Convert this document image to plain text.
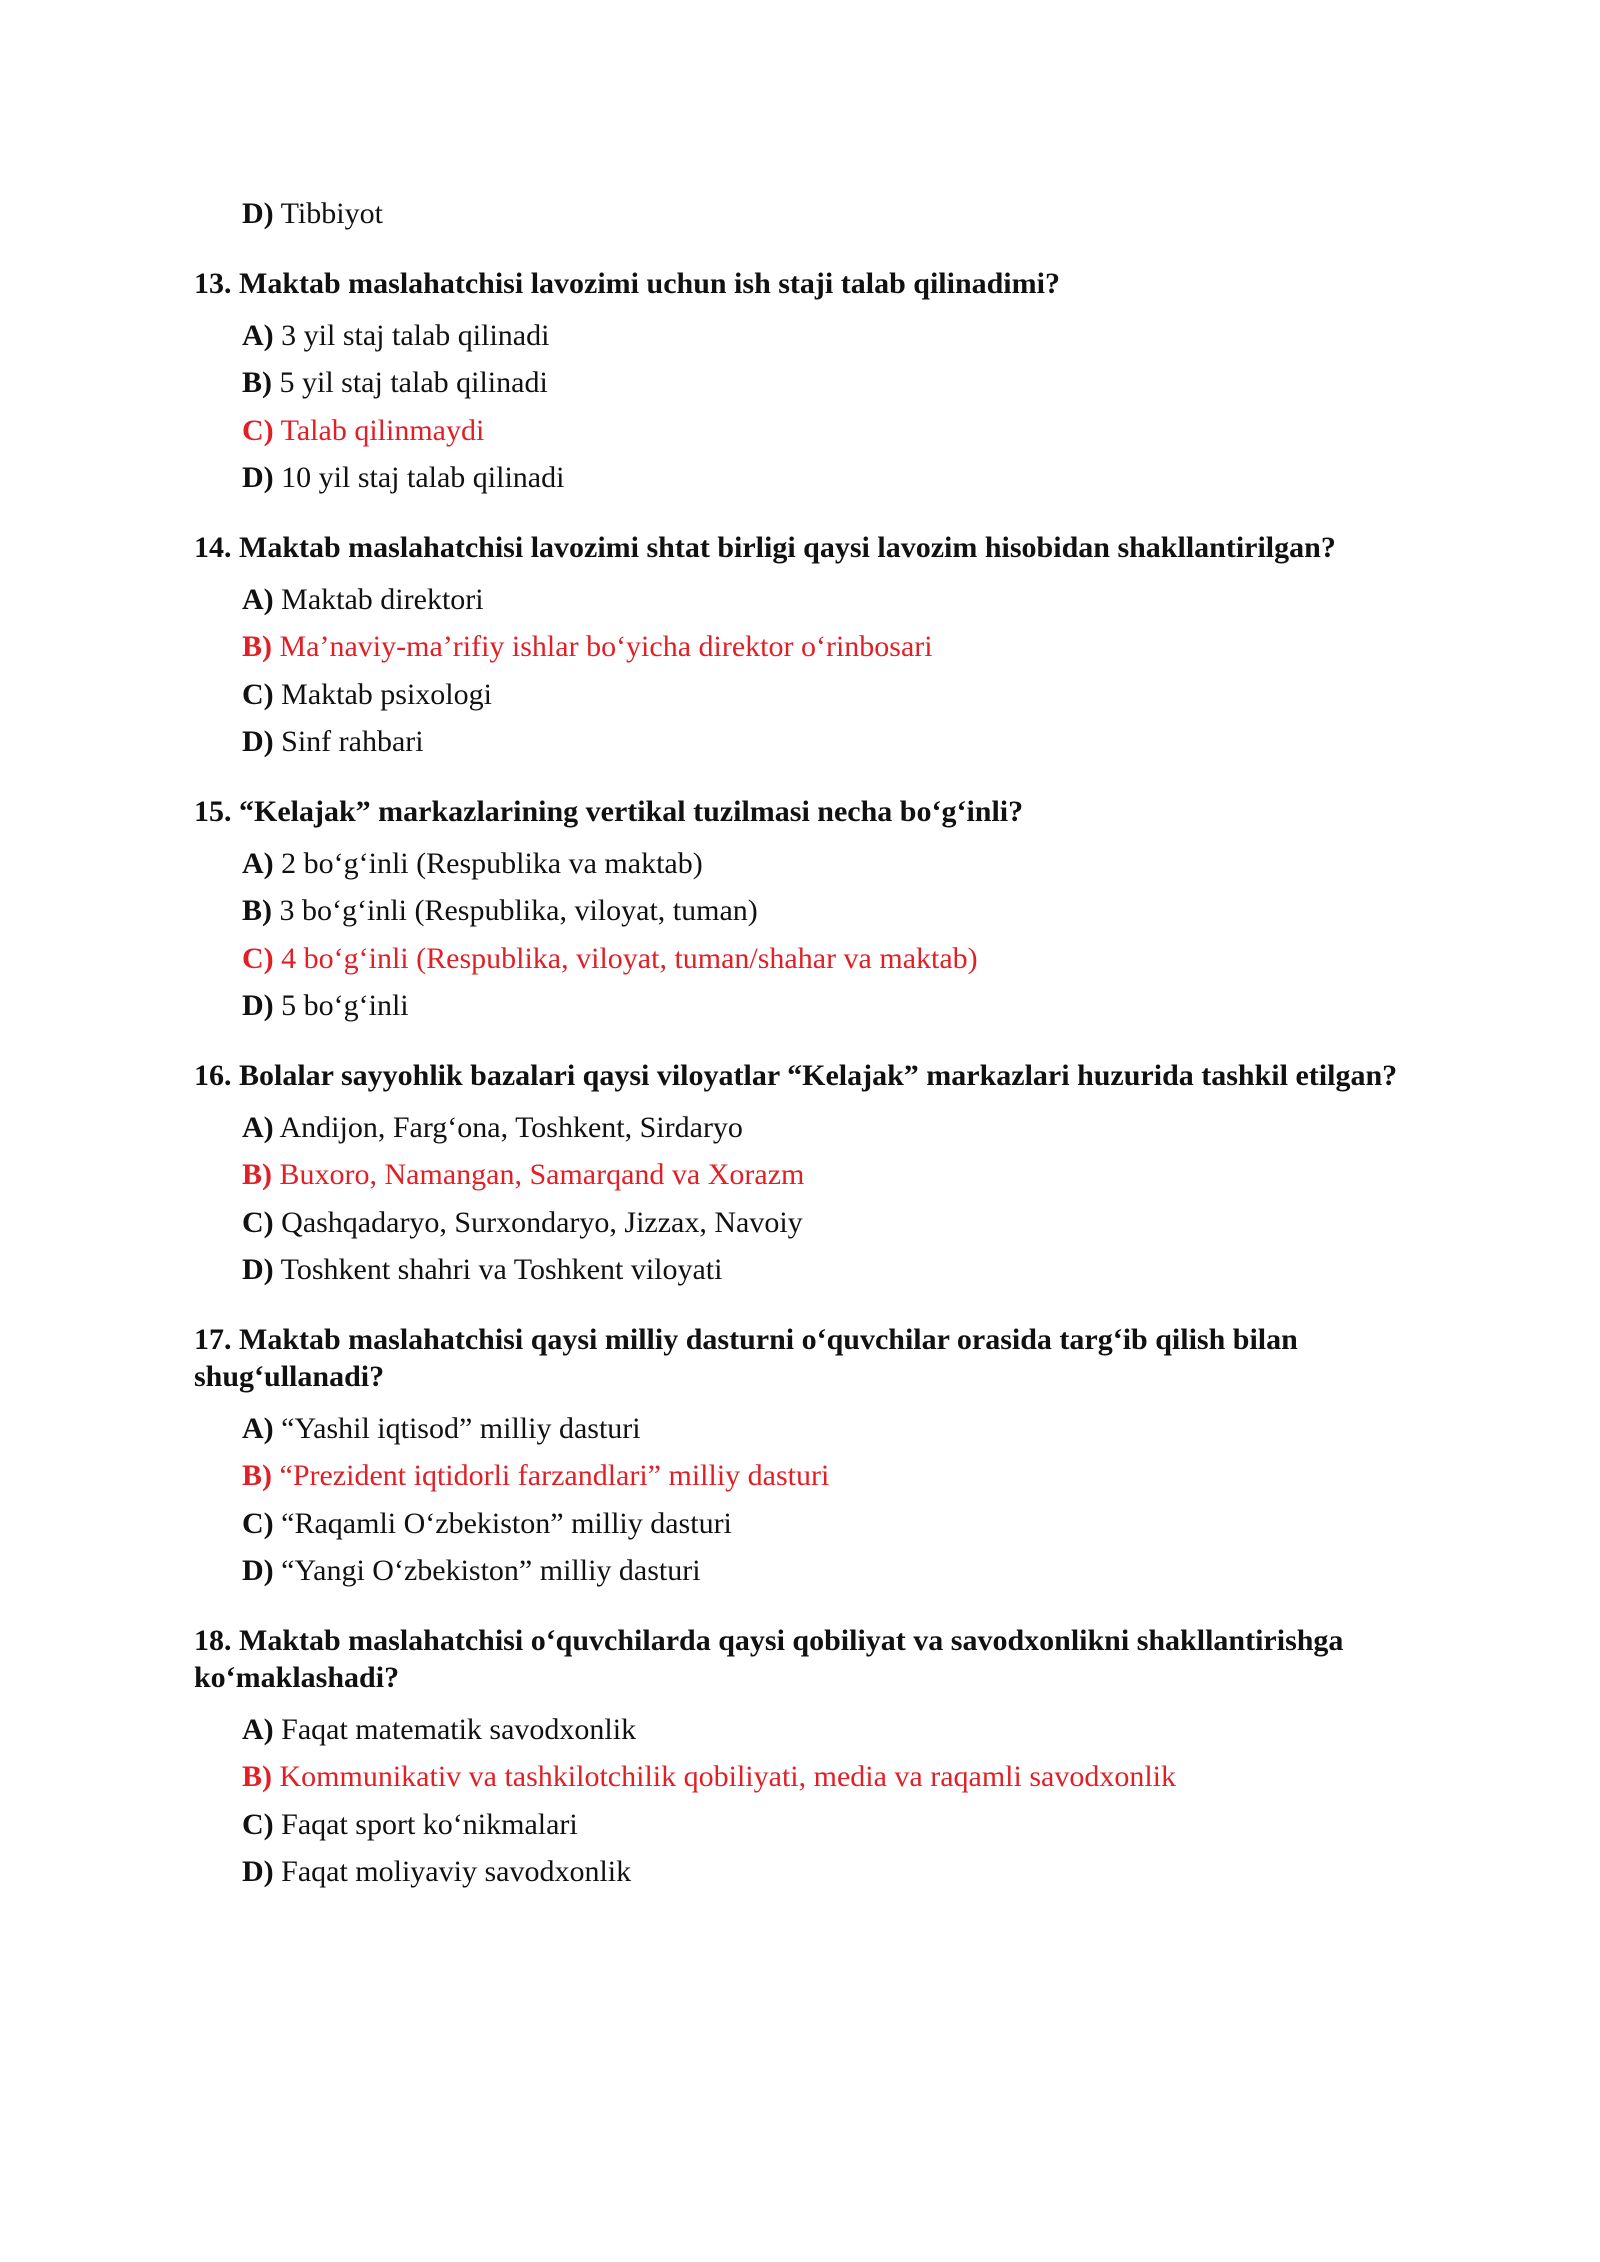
D) Tibbiyot

13. Maktab maslahatchisi lavozimi uchun ish staji talab qilinadimi?

A) 3 yil staj talab qilinadi
B) 5 yil staj talab qilinadi
C) Talab qilinmaydi
D) 10 yil staj talab qilinadi

14. Maktab maslahatchisi lavozimi shtat birligi qaysi lavozim hisobidan shakllantirilgan?

A) Maktab direktori
B) Ma’naviy-ma’rifiy ishlar bo‘yicha direktor o‘rinbosari
C) Maktab psixologi
D) Sinf rahbari

15. “Kelajak” markazlarining vertikal tuzilmasi necha bo‘g‘inli?

A) 2 bo‘g‘inli (Respublika va maktab)
B) 3 bo‘g‘inli (Respublika, viloyat, tuman)
C) 4 bo‘g‘inli (Respublika, viloyat, tuman/shahar va maktab)
D) 5 bo‘g‘inli

16. Bolalar sayyohlik bazalari qaysi viloyatlar “Kelajak” markazlari huzurida tashkil etilgan?

A) Andijon, Farg‘ona, Toshkent, Sirdaryo
B) Buxoro, Namangan, Samarqand va Xorazm
C) Qashqadaryo, Surxondaryo, Jizzax, Navoiy
D) Toshkent shahri va Toshkent viloyati

17. Maktab maslahatchisi qaysi milliy dasturni o‘quvchilar orasida targ‘ib qilish bilan shug‘ullanadi?

A) “Yashil iqtisod” milliy dasturi
B) “Prezident iqtidorli farzandlari” milliy dasturi
C) “Raqamli O‘zbekiston” milliy dasturi
D) “Yangi O‘zbekiston” milliy dasturi

18. Maktab maslahatchisi o‘quvchilarda qaysi qobiliyat va savodxonlikni shakllantirishga ko‘maklashadi?

A) Faqat matematik savodxonlik
B) Kommunikativ va tashkilotchilik qobiliyati, media va raqamli savodxonlik
C) Faqat sport ko‘nikmalari
D) Faqat moliyaviy savodxonlik
